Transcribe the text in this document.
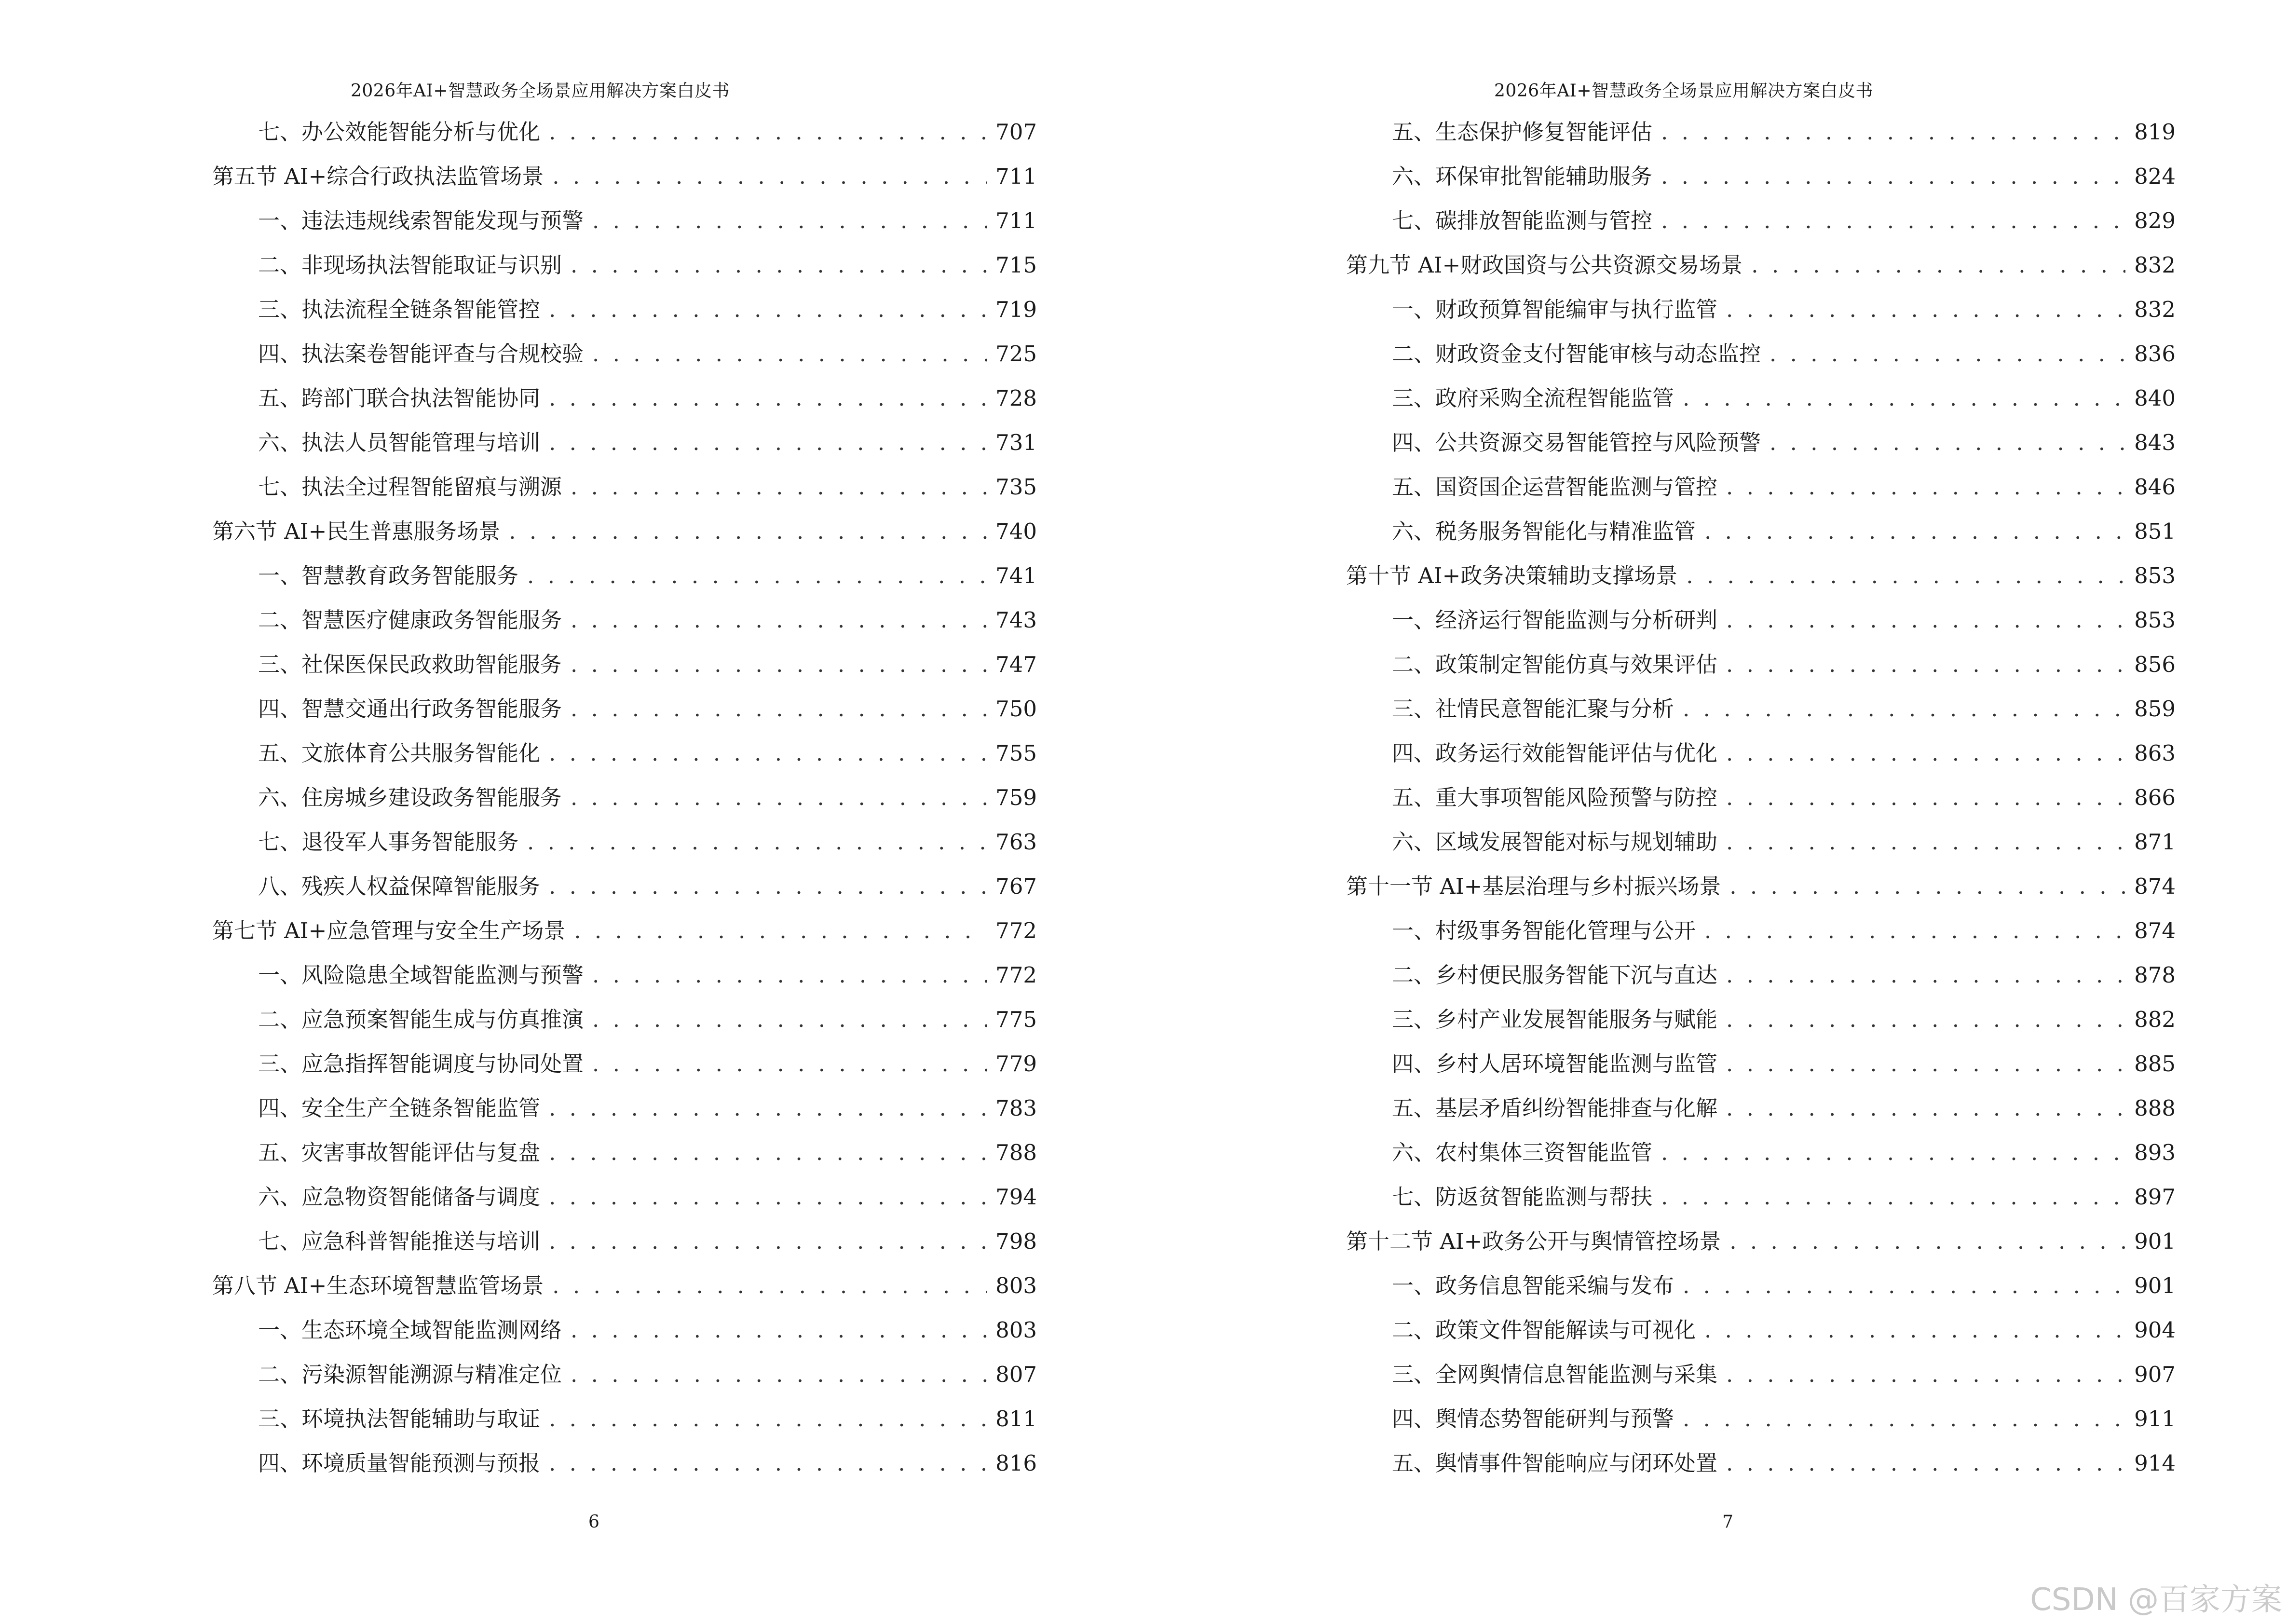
2026年AI+智慧政务全场景应用解决方案白皮书
七、办公效能智能分析与优化 . . .	707
第五节 AI+综合行政执法监管场景 . . .	711
一、违法违规线索智能发现与预警 . . .	711
二、非现场执法智能取证与识别 . . .	715
三、执法流程全链条智能管控 . . .	719
四、执法案卷智能评查与合规校验 . . .	725
五、跨部门联合执法智能协同 . . .	728
六、执法人员智能管理与培训 . . .	731
七、执法全过程智能留痕与溯源 . . .	735
第六节 AI+民生普惠服务场景 . . .	740
一、智慧教育政务智能服务 . . .	741
二、智慧医疗健康政务智能服务 . . .	743
三、社保医保民政救助智能服务 . . .	747
四、智慧交通出行政务智能服务 . . .	750
五、文旅体育公共服务智能化 . . .	755
六、住房城乡建设政务智能服务 . . .	759
七、退役军人事务智能服务 . . .	763
八、残疾人权益保障智能服务 . . .	767
第七节 AI+应急管理与安全生产场景 . . .	772
一、风险隐患全域智能监测与预警 . . .	772
二、应急预案智能生成与仿真推演 . . .	775
三、应急指挥智能调度与协同处置 . . .	779
四、安全生产全链条智能监管 . . .	783
五、灾害事故智能评估与复盘 . . .	788
六、应急物资智能储备与调度 . . .	794
七、应急科普智能推送与培训 . . .	798
第八节 AI+生态环境智慧监管场景 . . .	803
一、生态环境全域智能监测网络 . . .	803
二、污染源智能溯源与精准定位 . . .	807
三、环境执法智能辅助与取证 . . .	811
四、环境质量智能预测与预报 . . .	816
6
2026年AI+智慧政务全场景应用解决方案白皮书
五、生态保护修复智能评估 . . .	819
六、环保审批智能辅助服务 . . .	824
七、碳排放智能监测与管控 . . .	829
第九节 AI+财政国资与公共资源交易场景 . . .	832
一、财政预算智能编审与执行监管 . . .	832
二、财政资金支付智能审核与动态监控 . . .	836
三、政府采购全流程智能监管 . . .	840
四、公共资源交易智能管控与风险预警 . . .	843
五、国资国企运营智能监测与管控 . . .	846
六、税务服务智能化与精准监管 . . .	851
第十节 AI+政务决策辅助支撑场景 . . .	853
一、经济运行智能监测与分析研判 . . .	853
二、政策制定智能仿真与效果评估 . . .	856
三、社情民意智能汇聚与分析 . . .	859
四、政务运行效能智能评估与优化 . . .	863
五、重大事项智能风险预警与防控 . . .	866
六、区域发展智能对标与规划辅助 . . .	871
第十一节 AI+基层治理与乡村振兴场景 . . .	874
一、村级事务智能化管理与公开 . . .	874
二、乡村便民服务智能下沉与直达 . . .	878
三、乡村产业发展智能服务与赋能 . . .	882
四、乡村人居环境智能监测与监管 . . .	885
五、基层矛盾纠纷智能排查与化解 . . .	888
六、农村集体三资智能监管 . . .	893
七、防返贫智能监测与帮扶 . . .	897
第十二节 AI+政务公开与舆情管控场景 . . .	901
一、政务信息智能采编与发布 . . .	901
二、政策文件智能解读与可视化 . . .	904
三、全网舆情信息智能监测与采集 . . .	907
四、舆情态势智能研判与预警 . . .	911
五、舆情事件智能响应与闭环处置 . . .	914
7
CSDN @百家方案
